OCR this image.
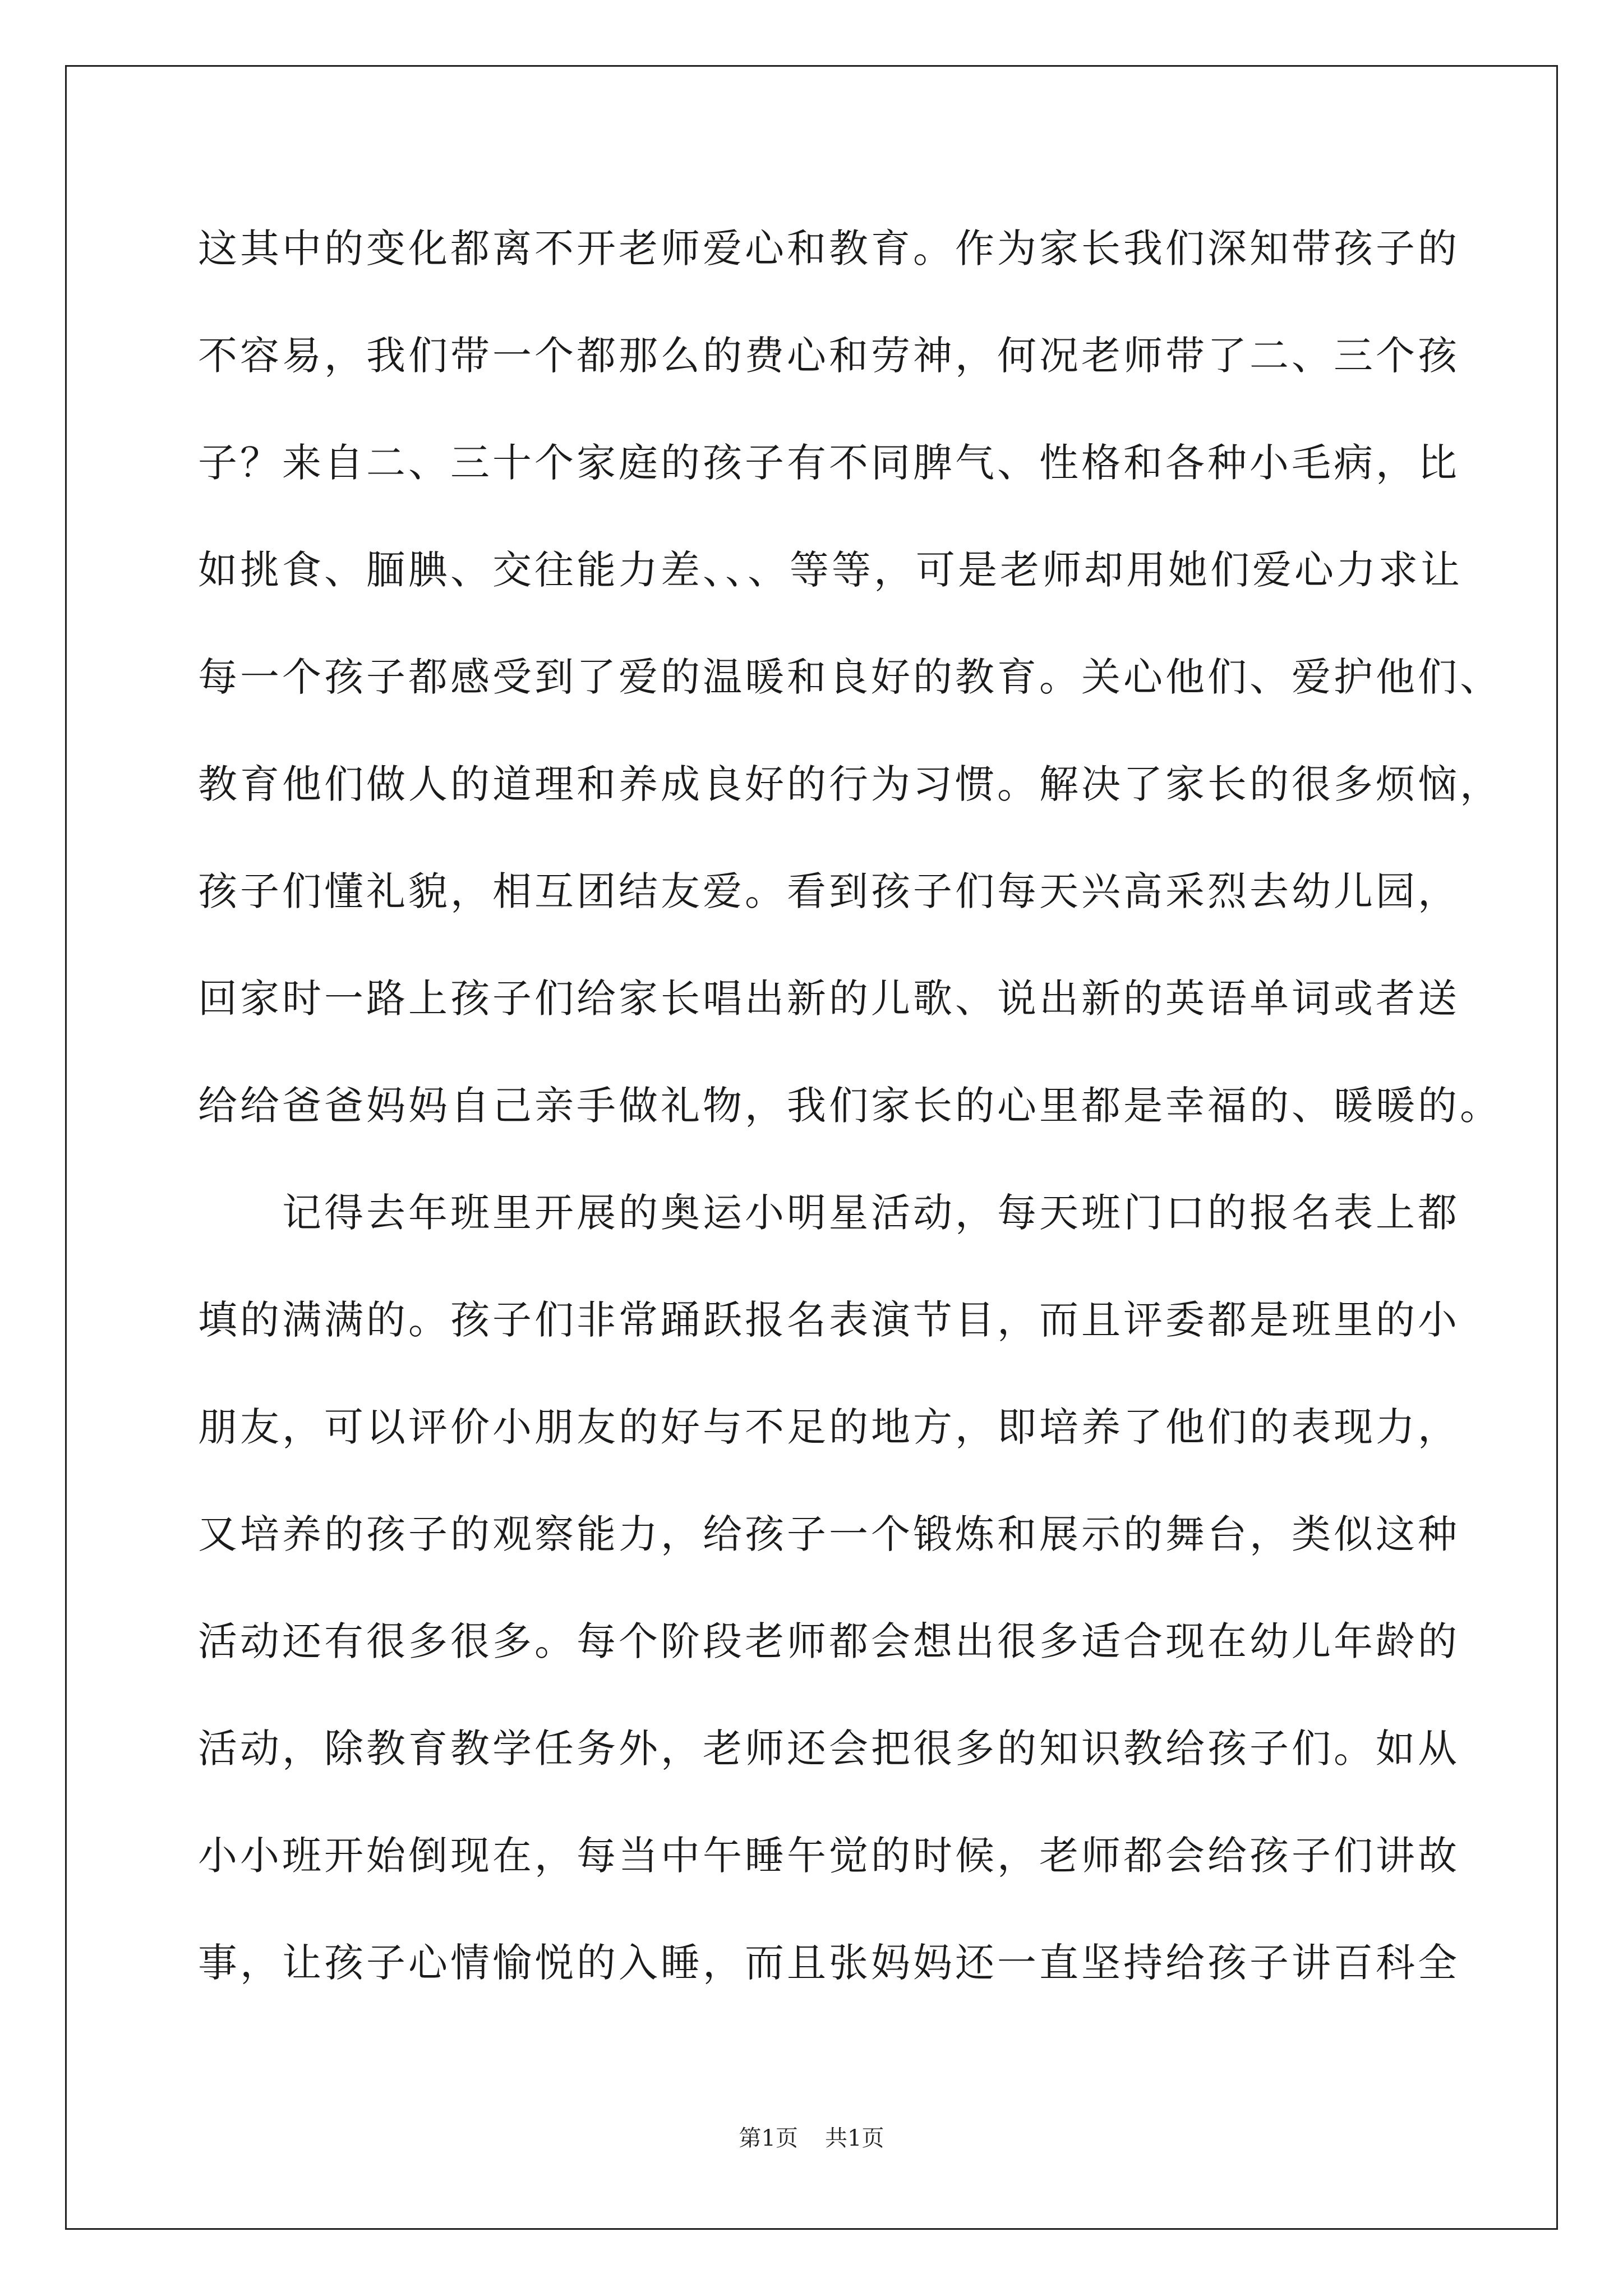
这其中的变化都离不开老师爱心和教育。作为家长我们深知带孩子的
不容易，我们带一个都那么的费心和劳神，何况老师带了二、三个孩
子？来自二、三十个家庭的孩子有不同脾气、性格和各种小毛病，比
如挑食、腼腆、交往能力差、、、等等，可是老师却用她们爱心力求让
每一个孩子都感受到了爱的温暖和良好的教育。关心他们、爱护他们、
教育他们做人的道理和养成良好的行为习惯。解决了家长的很多烦恼，
孩子们懂礼貌，相互团结友爱。看到孩子们每天兴高采烈去幼儿园，
回家时一路上孩子们给家长唱出新的儿歌、说出新的英语单词或者送
给给爸爸妈妈自己亲手做礼物，我们家长的心里都是幸福的、暖暖的。
　　记得去年班里开展的奥运小明星活动，每天班门口的报名表上都
填的满满的。孩子们非常踊跃报名表演节目，而且评委都是班里的小
朋友，可以评价小朋友的好与不足的地方，即培养了他们的表现力，
又培养的孩子的观察能力，给孩子一个锻炼和展示的舞台，类似这种
活动还有很多很多。每个阶段老师都会想出很多适合现在幼儿年龄的
活动，除教育教学任务外，老师还会把很多的知识教给孩子们。如从
小小班开始倒现在，每当中午睡午觉的时候，老师都会给孩子们讲故
事，让孩子心情愉悦的入睡，而且张妈妈还一直坚持给孩子讲百科全
第1页 共1页
